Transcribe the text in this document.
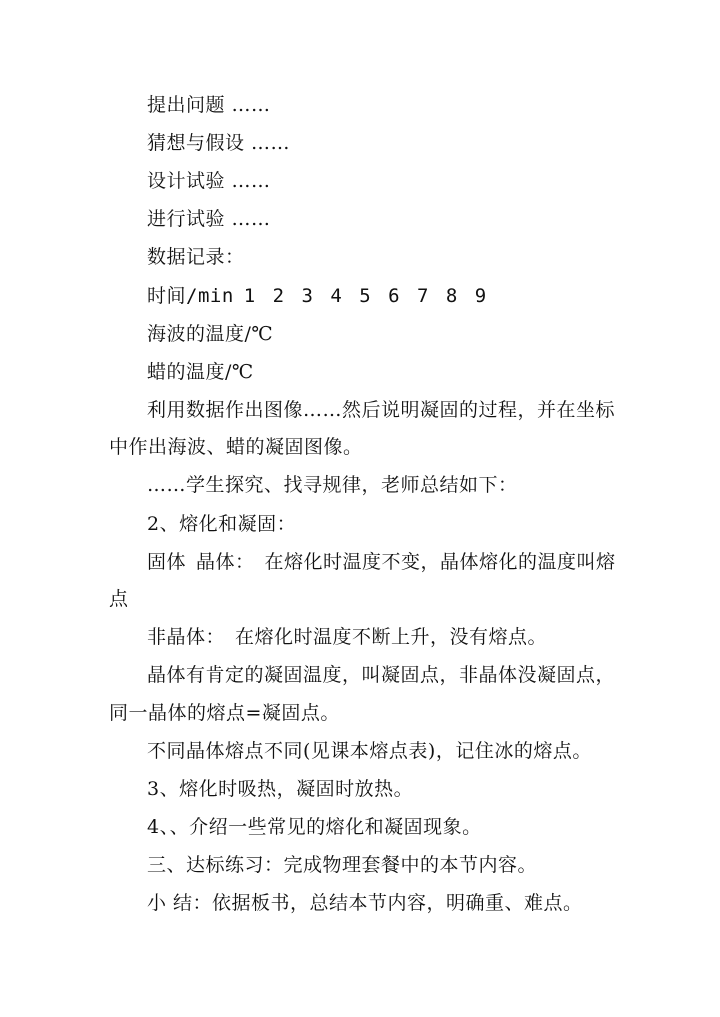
提出问题 ……
猜想与假设 ……
设计试验 ……
进行试验 ……
数据记录：
时间/min 1 2 3 4 5 6 7 8 9
海波的温度/℃
蜡的温度/℃
利用数据作出图像……然后说明凝固的过程，并在坐标
中作出海波、蜡的凝固图像。
……学生探究、找寻规律，老师总结如下：
2、熔化和凝固：
固体 晶体： 在熔化时温度不变，晶体熔化的温度叫熔
点
非晶体： 在熔化时温度不断上升，没有熔点。
晶体有肯定的凝固温度，叫凝固点，非晶体没凝固点，
同一晶体的熔点=凝固点。
不同晶体熔点不同(见课本熔点表)，记住冰的熔点。
3、熔化时吸热，凝固时放热。
4、、介绍一些常见的熔化和凝固现象。
三、达标练习：完成物理套餐中的本节内容。
小 结：依据板书，总结本节内容，明确重、难点。
